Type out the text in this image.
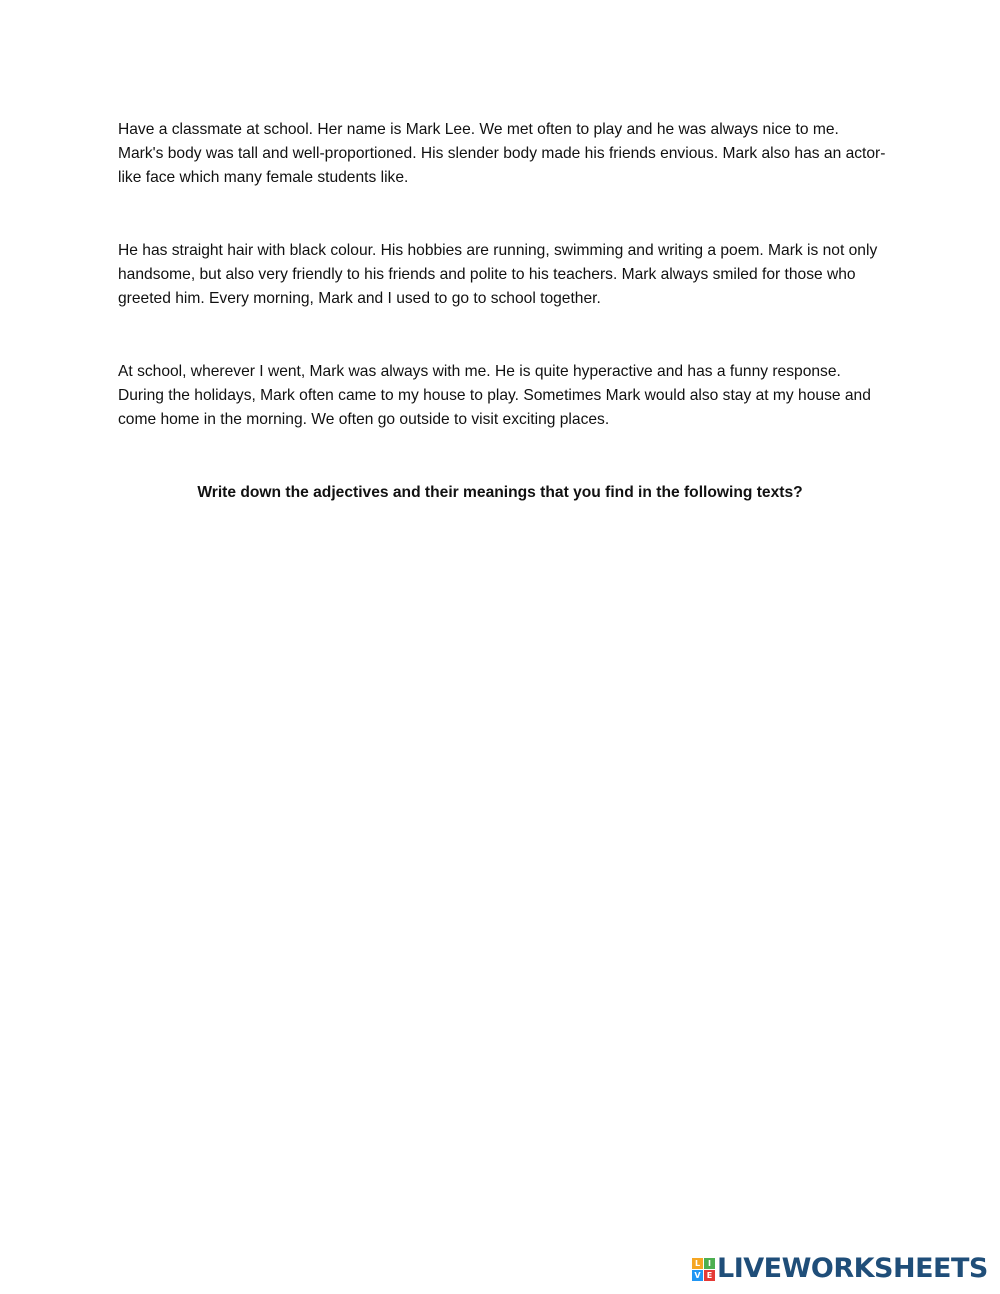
Have a classmate at school. Her name is Mark Lee. We met often to play and he was always nice to me. Mark's body was tall and well-proportioned. His slender body made his friends envious. Mark also has an actor-like face which many female students like.

He has straight hair with black colour. His hobbies are running, swimming and writing a poem. Mark is not only handsome, but also very friendly to his friends and polite to his teachers. Mark always smiled for those who greeted him. Every morning, Mark and I used to go to school together.

At school, wherever I went, Mark was always with me. He is quite hyperactive and has a funny response. During the holidays, Mark often came to my house to play. Sometimes Mark would also stay at my house and come home in the morning. We often go outside to visit exciting places.

Write down the adjectives and their meanings that you find in the following texts?
L I
V E LIVEWORKSHEETS
